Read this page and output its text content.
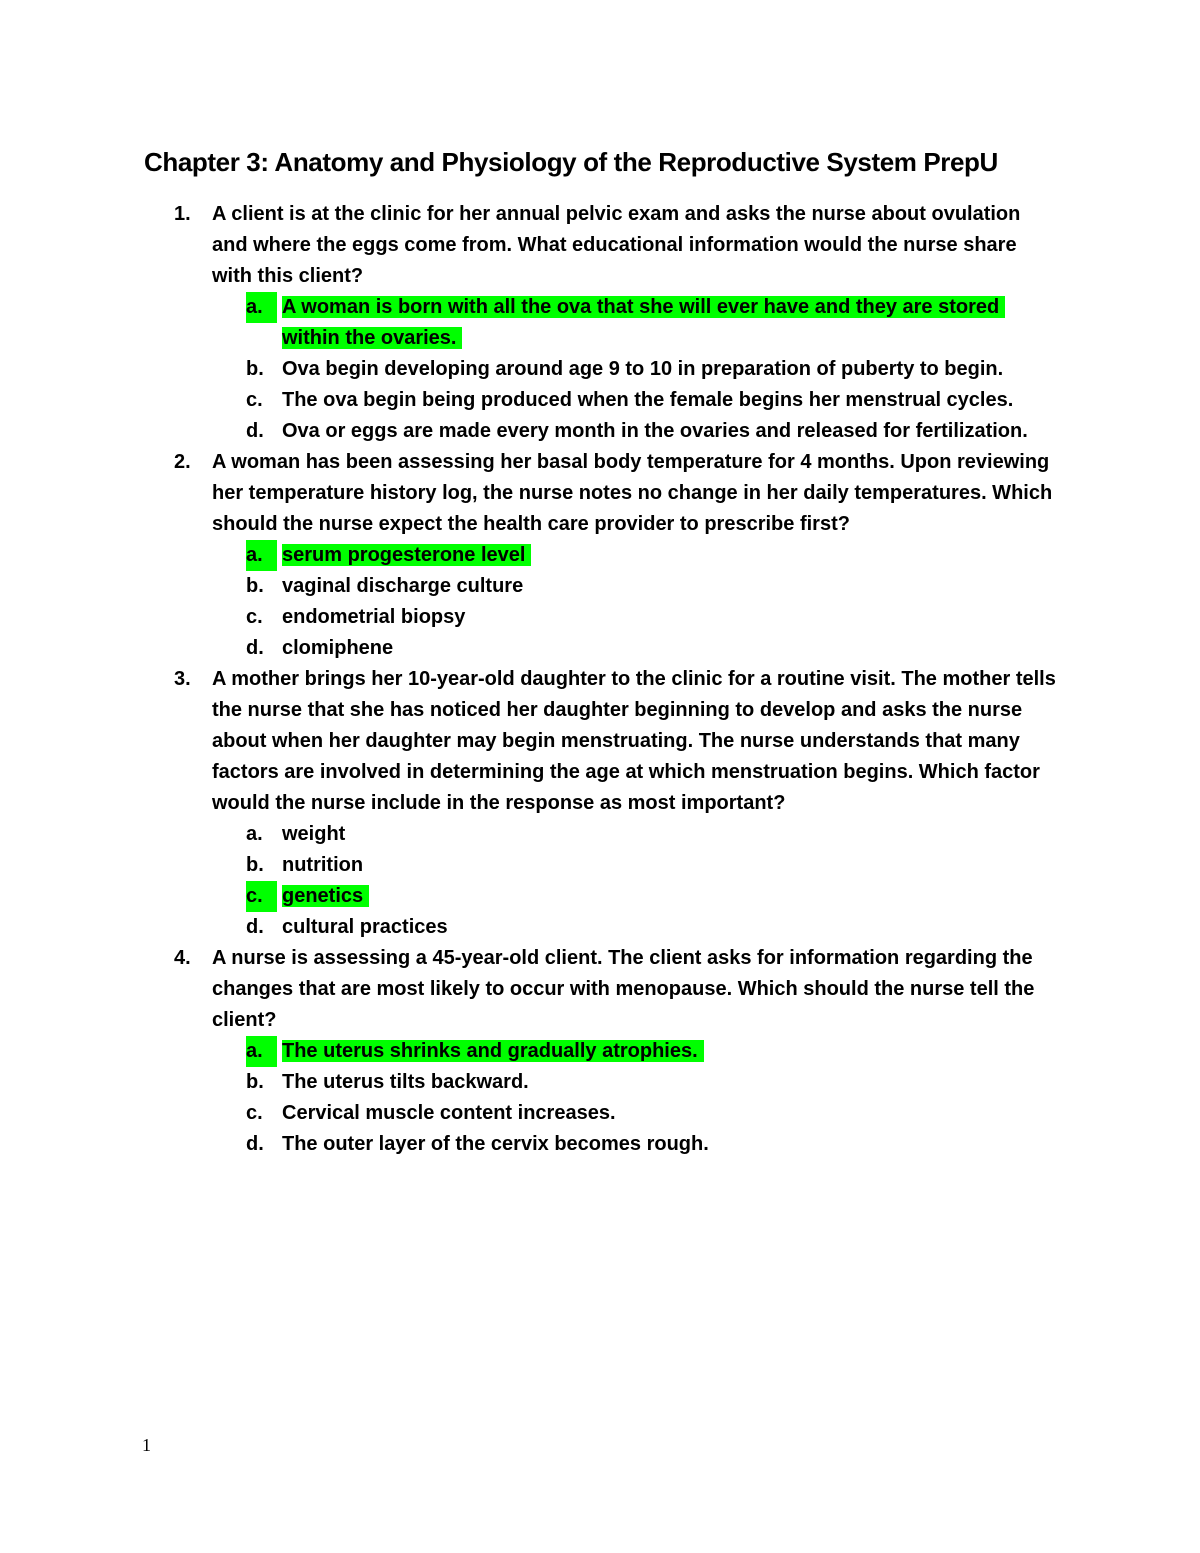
Chapter 3: Anatomy and Physiology of the Reproductive System PrepU
1. A client is at the clinic for her annual pelvic exam and asks the nurse about ovulation and where the eggs come from. What educational information would the nurse share with this client?
a. A woman is born with all the ova that she will ever have and they are stored within the ovaries.
b. Ova begin developing around age 9 to 10 in preparation of puberty to begin.
c. The ova begin being produced when the female begins her menstrual cycles.
d. Ova or eggs are made every month in the ovaries and released for fertilization.
2. A woman has been assessing her basal body temperature for 4 months. Upon reviewing her temperature history log, the nurse notes no change in her daily temperatures. Which should the nurse expect the health care provider to prescribe first?
a. serum progesterone level
b. vaginal discharge culture
c. endometrial biopsy
d. clomiphene
3. A mother brings her 10-year-old daughter to the clinic for a routine visit. The mother tells the nurse that she has noticed her daughter beginning to develop and asks the nurse about when her daughter may begin menstruating. The nurse understands that many factors are involved in determining the age at which menstruation begins. Which factor would the nurse include in the response as most important?
a. weight
b. nutrition
c. genetics
d. cultural practices
4. A nurse is assessing a 45-year-old client. The client asks for information regarding the changes that are most likely to occur with menopause. Which should the nurse tell the client?
a. The uterus shrinks and gradually atrophies.
b. The uterus tilts backward.
c. Cervical muscle content increases.
d. The outer layer of the cervix becomes rough.
1
